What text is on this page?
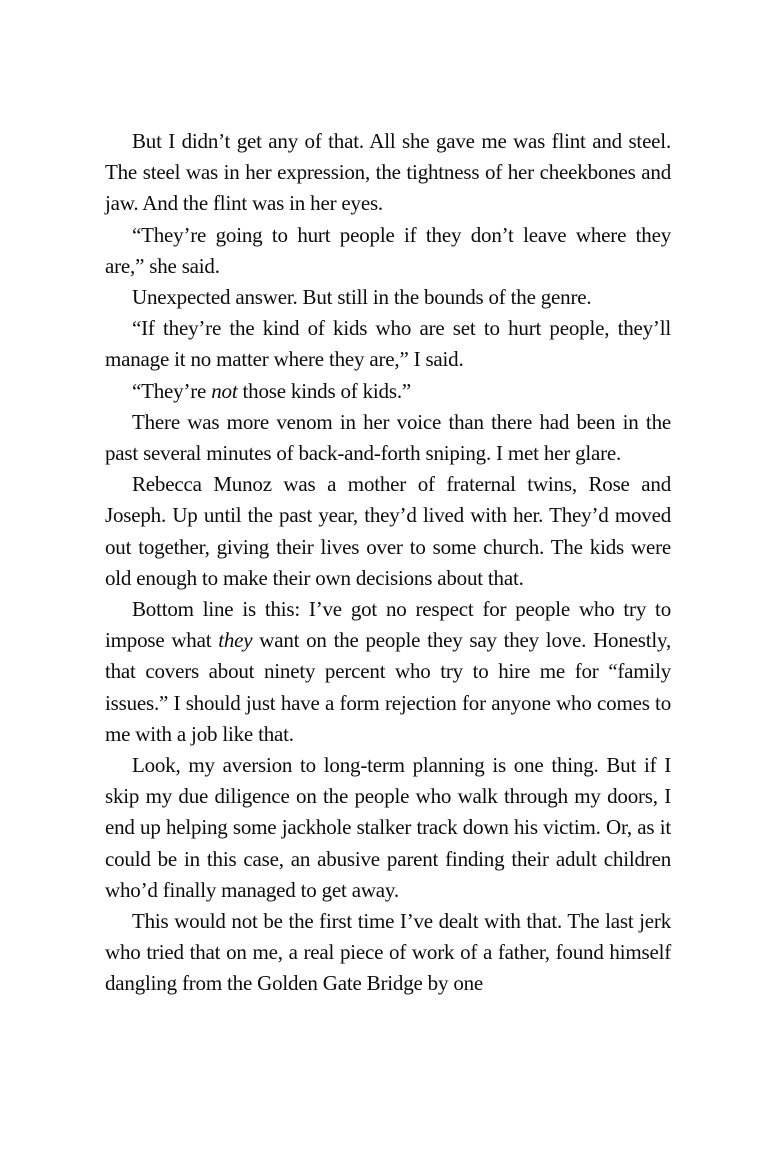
But I didn’t get any of that. All she gave me was flint and steel. The steel was in her expression, the tightness of her cheekbones and jaw. And the flint was in her eyes.

“They’re going to hurt people if they don’t leave where they are,” she said.

Unexpected answer. But still in the bounds of the genre.

“If they’re the kind of kids who are set to hurt people, they’ll manage it no matter where they are,” I said.

“They’re not those kinds of kids.”

There was more venom in her voice than there had been in the past several minutes of back-and-forth sniping. I met her glare.

Rebecca Munoz was a mother of fraternal twins, Rose and Joseph. Up until the past year, they’d lived with her. They’d moved out together, giving their lives over to some church. The kids were old enough to make their own decisions about that.

Bottom line is this: I’ve got no respect for people who try to impose what they want on the people they say they love. Honestly, that covers about ninety percent who try to hire me for “family issues.” I should just have a form rejection for anyone who comes to me with a job like that.

Look, my aversion to long-term planning is one thing. But if I skip my due diligence on the people who walk through my doors, I end up helping some jackhole stalker track down his victim. Or, as it could be in this case, an abusive parent finding their adult children who’d finally managed to get away.

This would not be the first time I’ve dealt with that. The last jerk who tried that on me, a real piece of work of a father, found himself dangling from the Golden Gate Bridge by one
